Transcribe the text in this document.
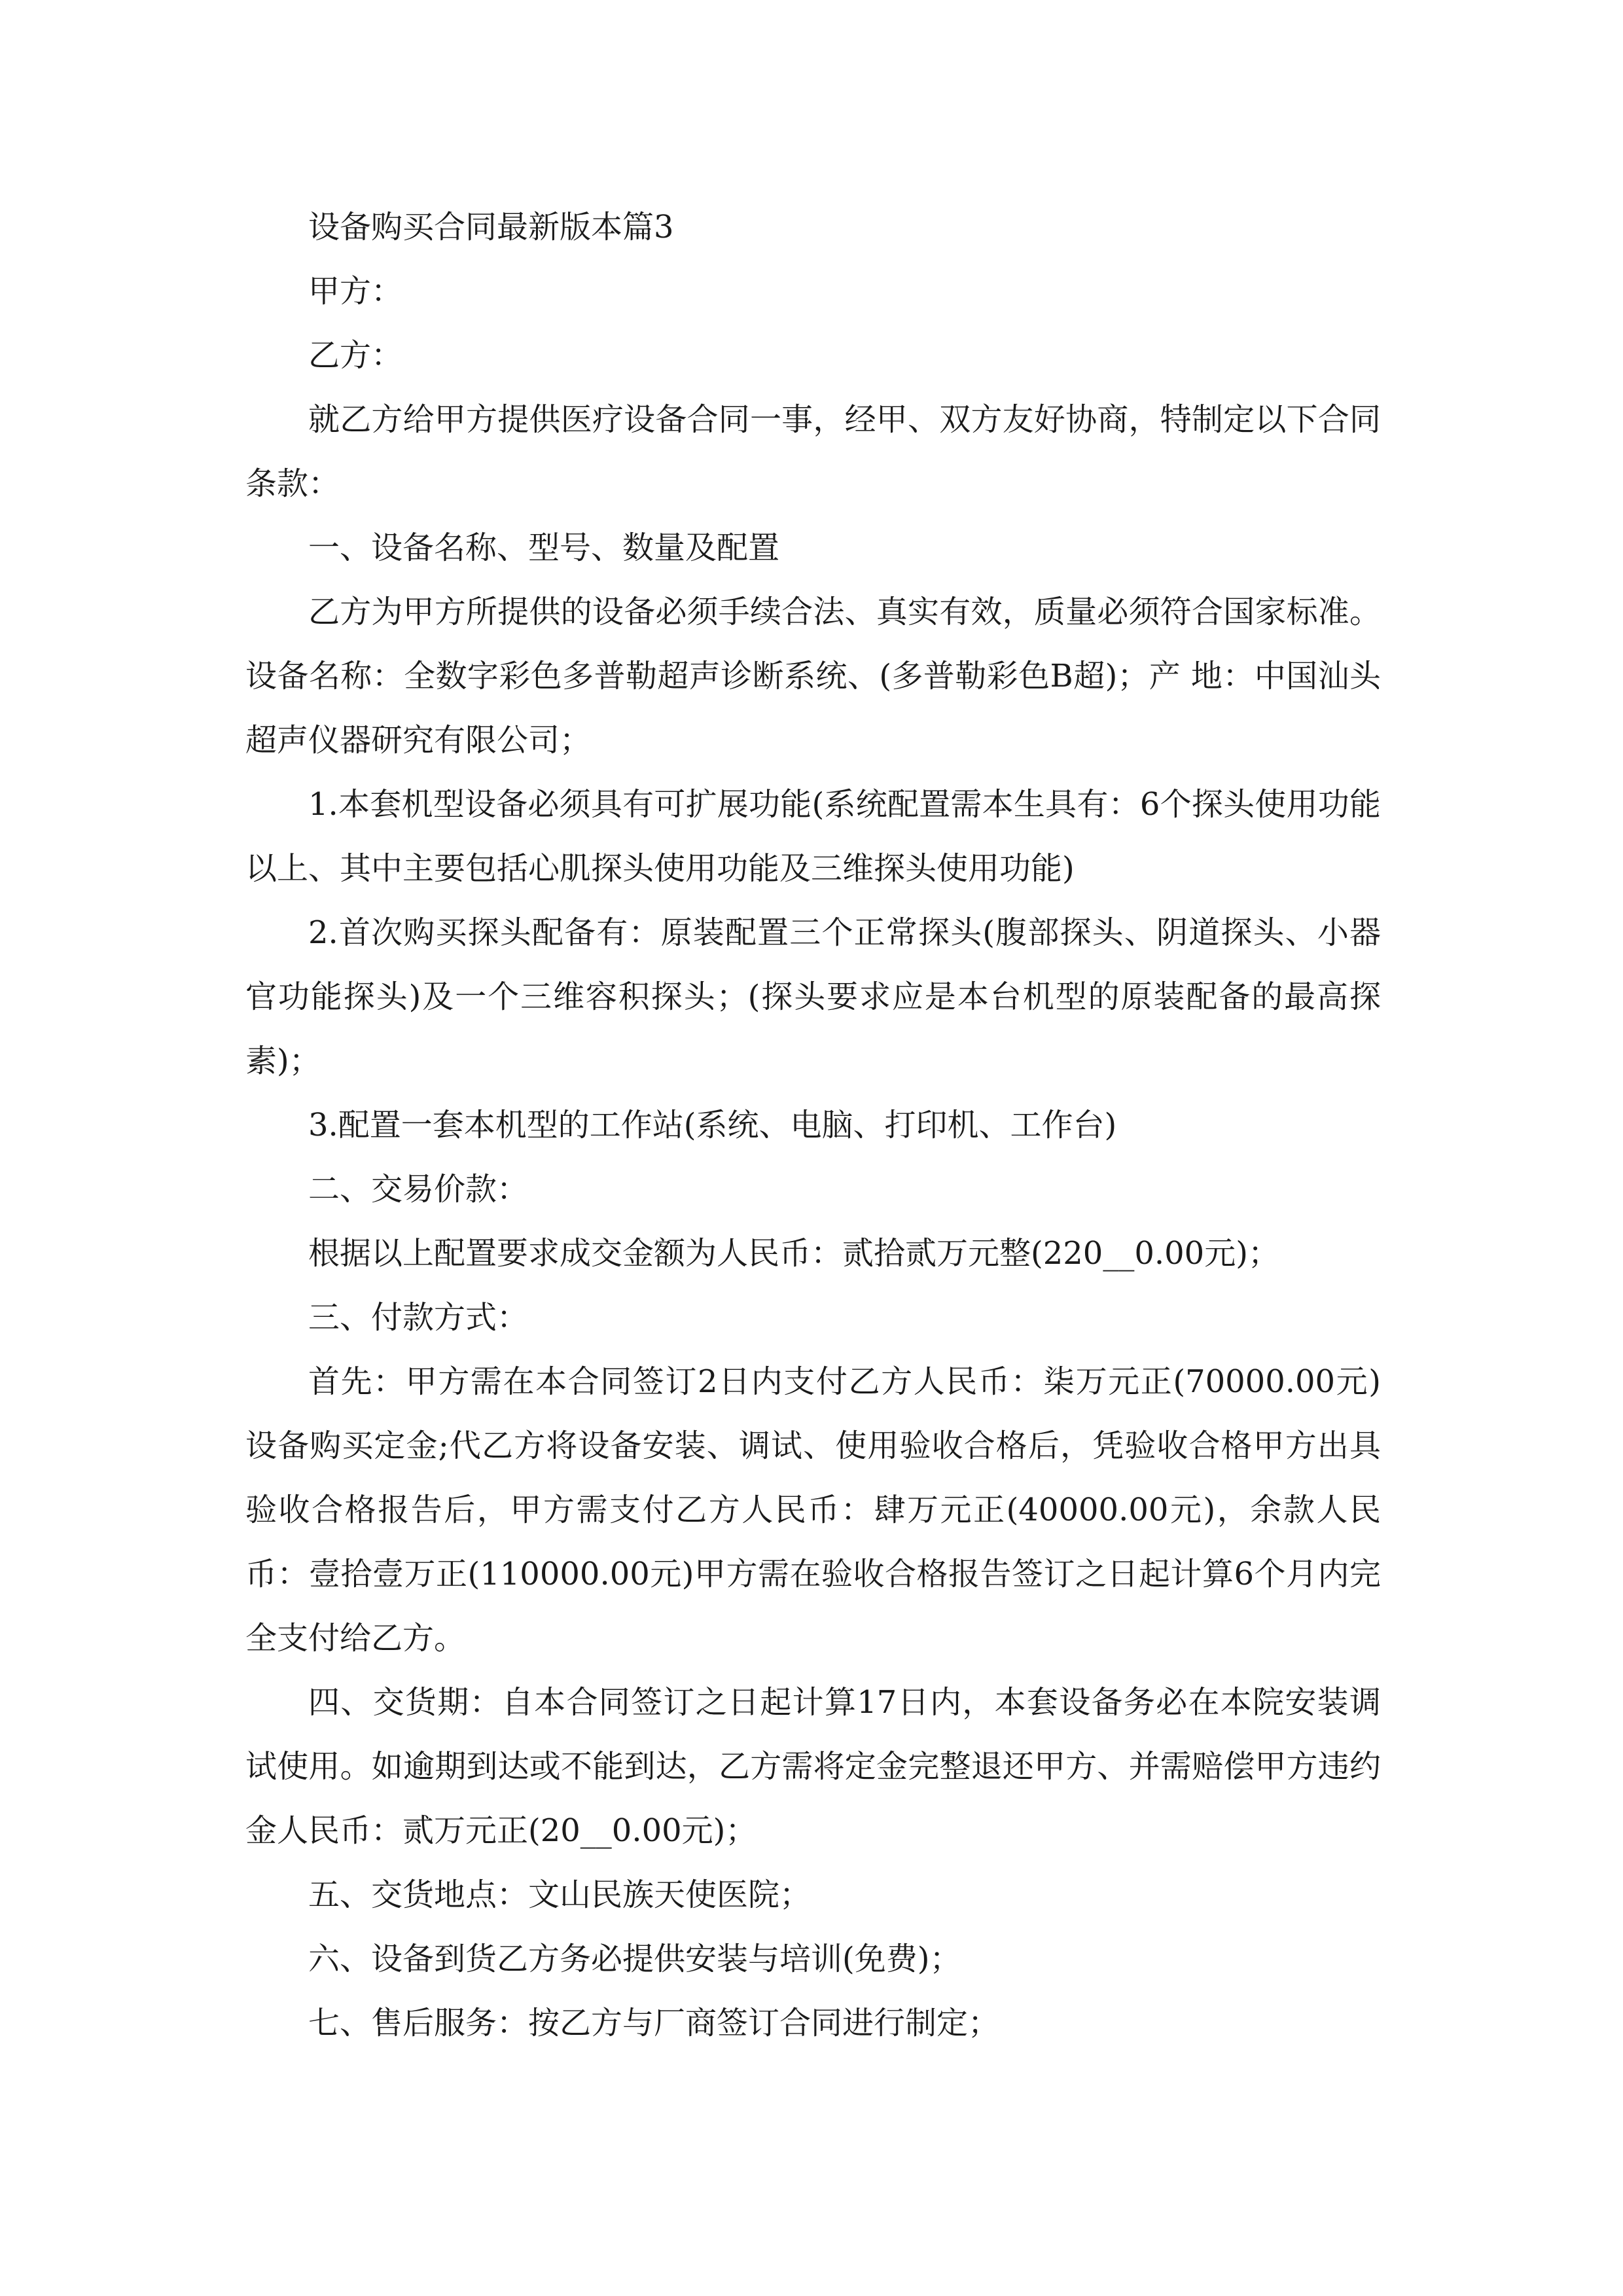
设备购买合同最新版本篇3

甲方：

乙方：

就乙方给甲方提供医疗设备合同一事，经甲、双方友好协商，特制定以下合同条款：

一、设备名称、型号、数量及配置

乙方为甲方所提供的设备必须手续合法、真实有效，质量必须符合国家标准。设备名称：全数字彩色多普勒超声诊断系统、(多普勒彩色B超)；产 地：中国汕头超声仪器研究有限公司；

1.本套机型设备必须具有可扩展功能(系统配置需本生具有：6个探头使用功能以上、其中主要包括心肌探头使用功能及三维探头使用功能)

2.首次购买探头配备有：原装配置三个正常探头(腹部探头、阴道探头、小器官功能探头)及一个三维容积探头；(探头要求应是本台机型的原装配备的最高探素)；

3.配置一套本机型的工作站(系统、电脑、打印机、工作台)

二、交易价款：

根据以上配置要求成交金额为人民币：贰拾贰万元整(220__0.00元)；

三、付款方式：

首先：甲方需在本合同签订2日内支付乙方人民币：柒万元正(70000.00元)设备购买定金;代乙方将设备安装、调试、使用验收合格后，凭验收合格甲方出具验收合格报告后，甲方需支付乙方人民币：肆万元正(40000.00元)，余款人民币：壹拾壹万正(110000.00元)甲方需在验收合格报告签订之日起计算6个月内完全支付给乙方。

四、交货期：自本合同签订之日起计算17日内，本套设备务必在本院安装调试使用。如逾期到达或不能到达，乙方需将定金完整退还甲方、并需赔偿甲方违约金人民币：贰万元正(20__0.00元)；

五、交货地点：文山民族天使医院；

六、设备到货乙方务必提供安装与培训(免费)；

七、售后服务：按乙方与厂商签订合同进行制定；
